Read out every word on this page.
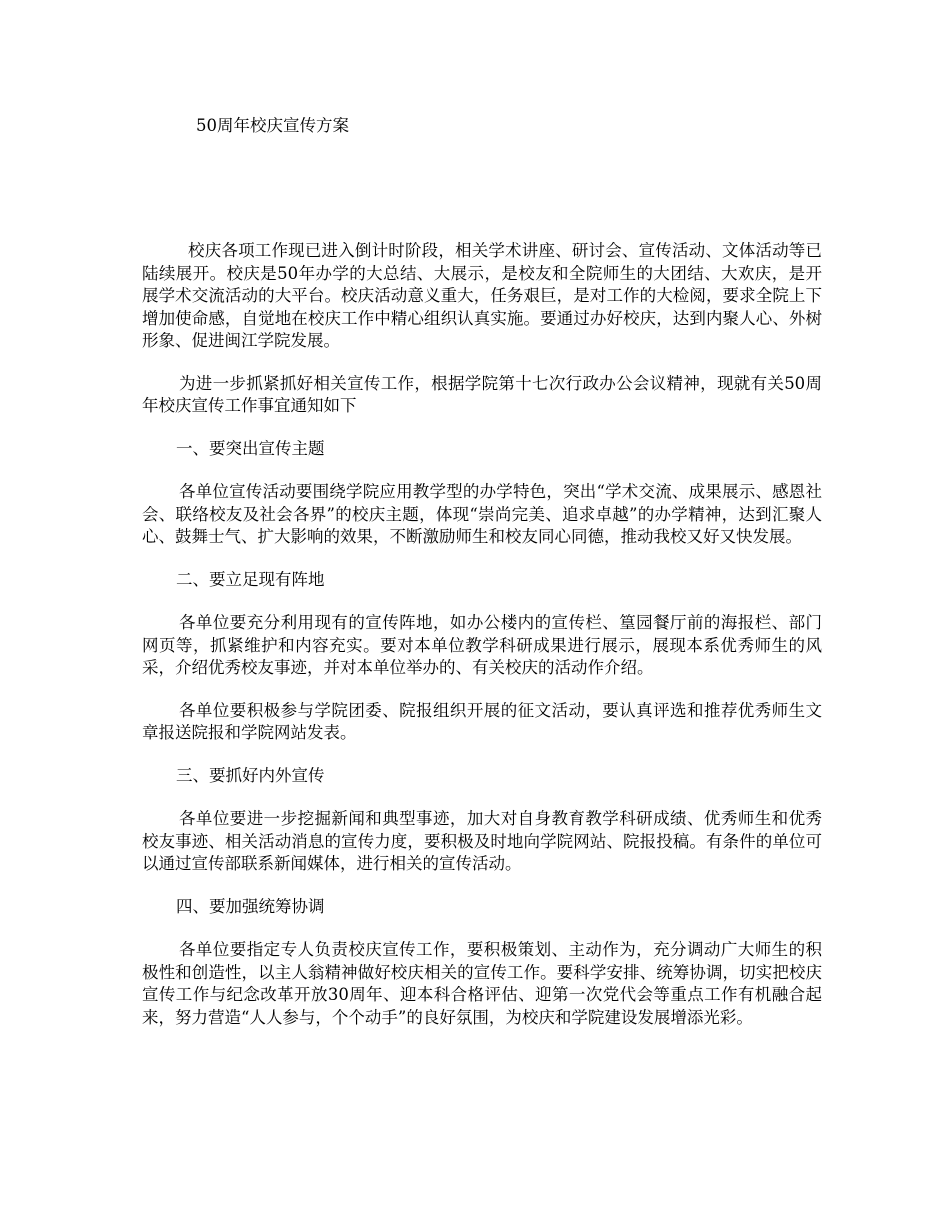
50周年校庆宣传方案

校庆各项工作现已进入倒计时阶段，相关学术讲座、研讨会、宣传活动、文体活动等已陆续展开。校庆是50年办学的大总结、大展示，是校友和全院师生的大团结、大欢庆，是开展学术交流活动的大平台。校庆活动意义重大，任务艰巨，是对工作的大检阅，要求全院上下增加使命感，自觉地在校庆工作中精心组织认真实施。要通过办好校庆，达到内聚人心、外树形象、促进闽江学院发展。

为进一步抓紧抓好相关宣传工作，根据学院第十七次行政办公会议精神，现就有关50周年校庆宣传工作事宜通知如下

一、要突出宣传主题

各单位宣传活动要围绕学院应用教学型的办学特色，突出“学术交流、成果展示、感恩社会、联络校友及社会各界”的校庆主题，体现“崇尚完美、追求卓越”的办学精神，达到汇聚人心、鼓舞士气、扩大影响的效果，不断激励师生和校友同心同德，推动我校又好又快发展。

二、要立足现有阵地

各单位要充分利用现有的宣传阵地，如办公楼内的宣传栏、篁园餐厅前的海报栏、部门网页等，抓紧维护和内容充实。要对本单位教学科研成果进行展示，展现本系优秀师生的风采，介绍优秀校友事迹，并对本单位举办的、有关校庆的活动作介绍。

各单位要积极参与学院团委、院报组织开展的征文活动，要认真评选和推荐优秀师生文章报送院报和学院网站发表。

三、要抓好内外宣传

各单位要进一步挖掘新闻和典型事迹，加大对自身教育教学科研成绩、优秀师生和优秀校友事迹、相关活动消息的宣传力度，要积极及时地向学院网站、院报投稿。有条件的单位可以通过宣传部联系新闻媒体，进行相关的宣传活动。

四、要加强统筹协调

各单位要指定专人负责校庆宣传工作，要积极策划、主动作为，充分调动广大师生的积极性和创造性，以主人翁精神做好校庆相关的宣传工作。要科学安排、统筹协调，切实把校庆宣传工作与纪念改革开放30周年、迎本科合格评估、迎第一次党代会等重点工作有机融合起来，努力营造“人人参与，个个动手”的良好氛围，为校庆和学院建设发展增添光彩。
